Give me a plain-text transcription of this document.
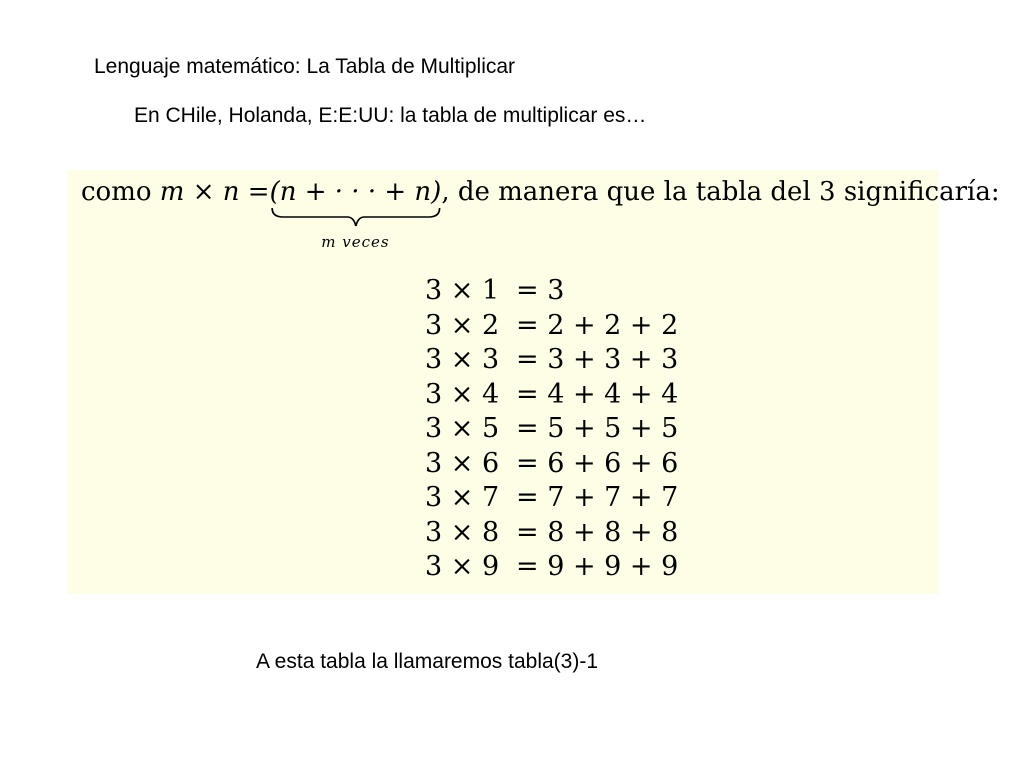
Lenguaje matemático: La Tabla de Multiplicar
En CHile, Holanda, E:E:UU: la tabla de multiplicar es…
como m × n =(n + · · · + n)
m veces
, de manera que la tabla del 3 significaría:
3 × 1 = 3
3 × 2 = 2 + 2 + 2
3 × 3 = 3 + 3 + 3
3 × 4 = 4 + 4 + 4
3 × 5 = 5 + 5 + 5
3 × 6 = 6 + 6 + 6
3 × 7 = 7 + 7 + 7
3 × 8 = 8 + 8 + 8
3 × 9 = 9 + 9 + 9
A esta tabla la llamaremos tabla(3)-1
